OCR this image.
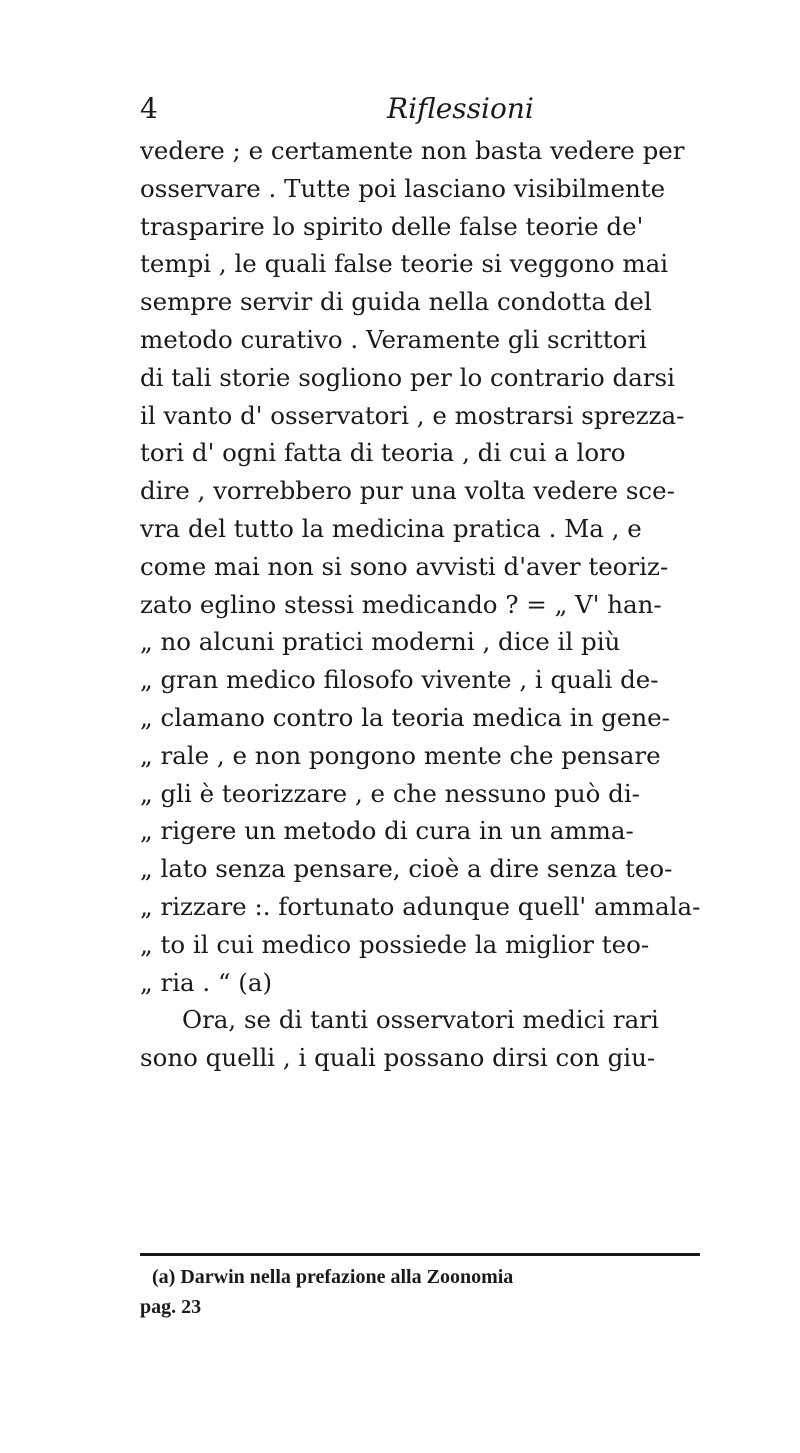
4	Riflessioni
vedere ; e certamente non basta vedere per
osservare . Tutte poi lasciano visibilmente
trasparire lo spirito delle false teorie de'
tempi , le quali false teorie si veggono mai
sempre servir di guida nella condotta del
metodo curativo . Veramente gli scrittori
di tali storie sogliono per lo contrario darsi
il vanto d' osservatori , e mostrarsi sprezza-
tori d' ogni fatta di teoria , di cui a loro
dire , vorrebbero pur una volta vedere sce-
vra del tutto la medicina pratica . Ma , e
come mai non si sono avvisti d'aver teoriz-
zato eglino stessi medicando ? = „ V' han-
„ no alcuni pratici moderni , dice il più
„ gran medico filosofo vivente , i quali de-
„ clamano contro la teoria medica in gene-
„ rale , e non pongono mente che pensare
„ gli è teorizzare , e che nessuno può di-
„ rigere un metodo di cura in un amma-
„ lato senza pensare, cioè a dire senza teo-
„ rizzare :. fortunato adunque quell' ammala-
„ to il cui medico possiede la miglior teo-
„ ria . “ (a)
Ora, se di tanti osservatori medici rari
sono quelli , i quali possano dirsi con giu-
(a) Darwin nella prefazione alla Zoonomia
pag. 23
